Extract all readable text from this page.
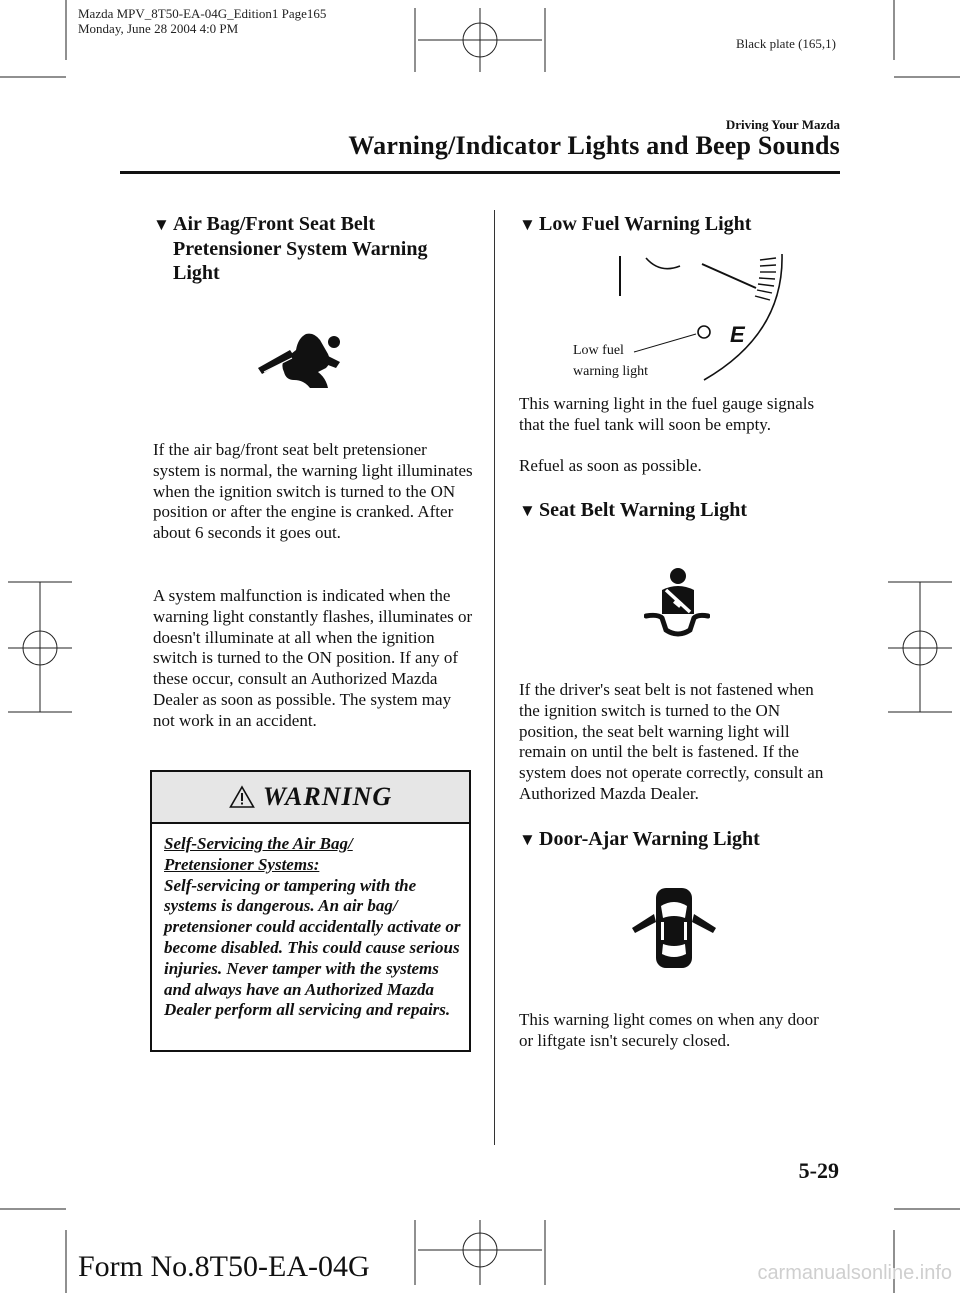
Mazda MPV_8T50-EA-04G_Edition1 Page165
Monday, June 28 2004 4:0 PM
Black plate (165,1)
Driving Your Mazda
Warning/Indicator Lights and Beep Sounds
▼ Air Bag/Front Seat Belt Pretensioner System Warning Light
If the air bag/front seat belt pretensioner system is normal, the warning light illuminates when the ignition switch is turned to the ON position or after the engine is cranked. After about 6 seconds it goes out.
A system malfunction is indicated when the warning light constantly flashes, illuminates or doesn't illuminate at all when the ignition switch is turned to the ON position. If any of these occur, consult an Authorized Mazda Dealer as soon as possible. The system may not work in an accident.
WARNING
Self-Servicing the Air Bag/ Pretensioner Systems:
Self-servicing or tampering with the systems is dangerous. An air bag/ pretensioner could accidentally activate or become disabled. This could cause serious injuries. Never tamper with the systems and always have an Authorized Mazda Dealer perform all servicing and repairs.
▼ Low Fuel Warning Light
E
Low fuel
warning light
This warning light in the fuel gauge signals that the fuel tank will soon be empty.
Refuel as soon as possible.
▼ Seat Belt Warning Light
If the driver's seat belt is not fastened when the ignition switch is turned to the ON position, the seat belt warning light will remain on until the belt is fastened. If the system does not operate correctly, consult an Authorized Mazda Dealer.
▼ Door-Ajar Warning Light
This warning light comes on when any door or liftgate isn't securely closed.
5-29
Form No.8T50-EA-04G	carmanualsonline.info
